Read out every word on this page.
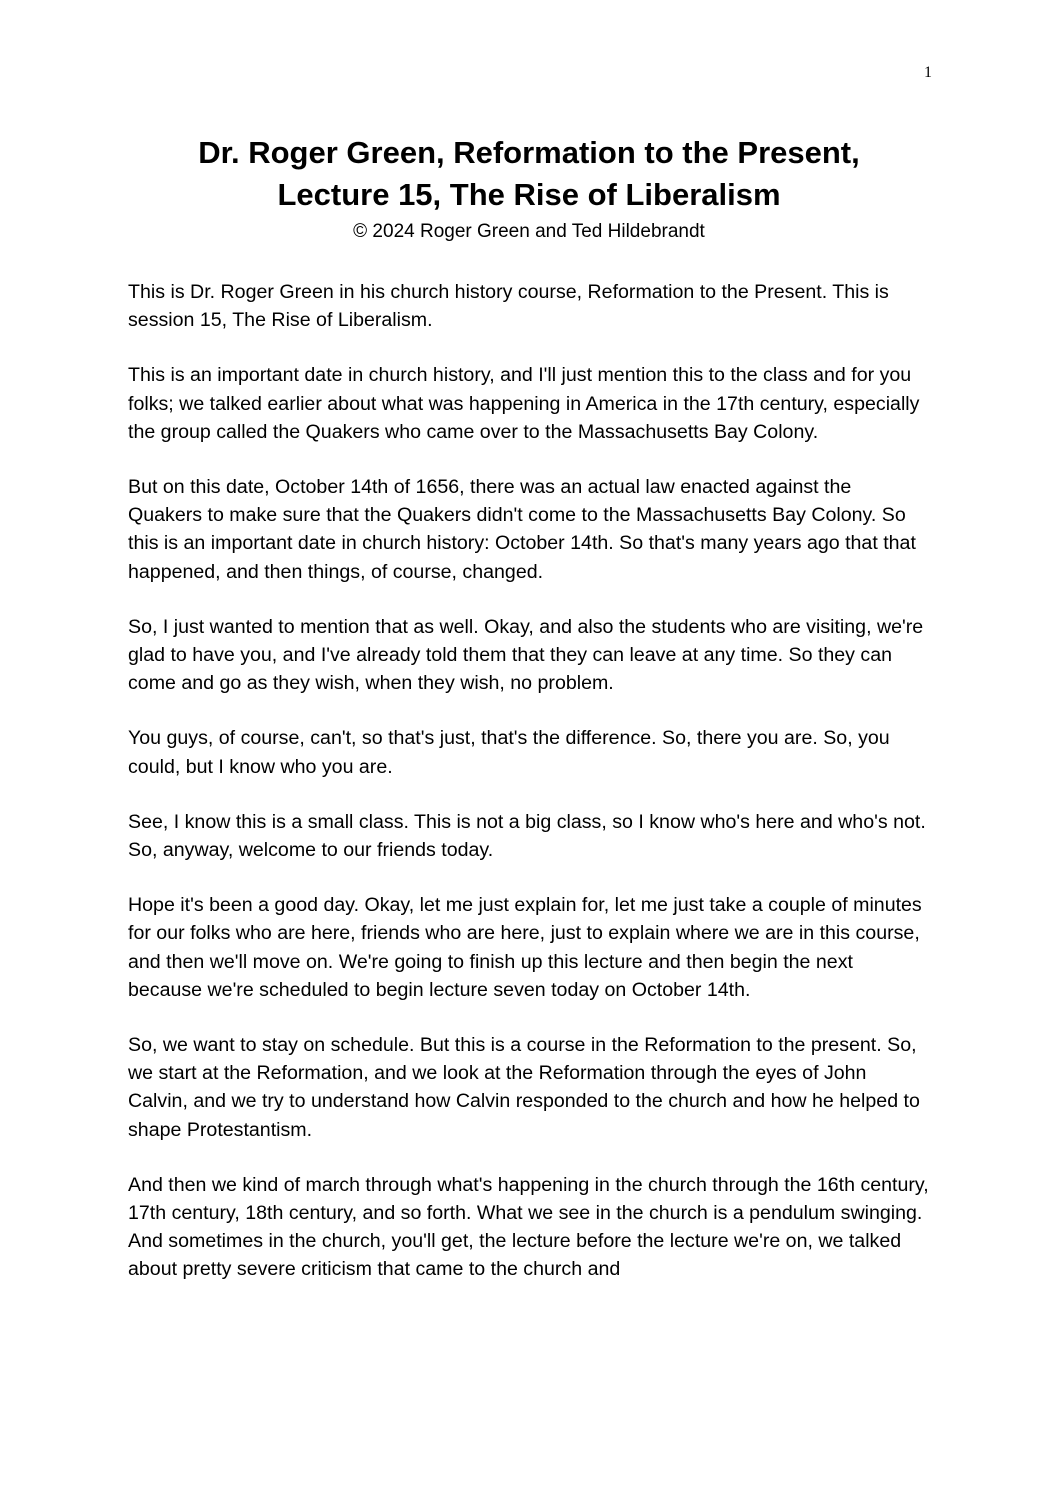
1
Dr. Roger Green, Reformation to the Present,
Lecture 15, The Rise of Liberalism
© 2024 Roger Green and Ted Hildebrandt

This is Dr. Roger Green in his church history course, Reformation to the Present. This is session 15, The Rise of Liberalism.

This is an important date in church history, and I'll just mention this to the class and for you folks; we talked earlier about what was happening in America in the 17th century, especially the group called the Quakers who came over to the Massachusetts Bay Colony.

But on this date, October 14th of 1656, there was an actual law enacted against the Quakers to make sure that the Quakers didn't come to the Massachusetts Bay Colony. So this is an important date in church history: October 14th. So that's many years ago that that happened, and then things, of course, changed.

So, I just wanted to mention that as well. Okay, and also the students who are visiting, we're glad to have you, and I've already told them that they can leave at any time. So they can come and go as they wish, when they wish, no problem.

You guys, of course, can't, so that's just, that's the difference. So, there you are. So, you could, but I know who you are.

See, I know this is a small class. This is not a big class, so I know who's here and who's not. So, anyway, welcome to our friends today.

Hope it's been a good day. Okay, let me just explain for, let me just take a couple of minutes for our folks who are here, friends who are here, just to explain where we are in this course, and then we'll move on. We're going to finish up this lecture and then begin the next because we're scheduled to begin lecture seven today on October 14th.

So, we want to stay on schedule. But this is a course in the Reformation to the present. So, we start at the Reformation, and we look at the Reformation through the eyes of John Calvin, and we try to understand how Calvin responded to the church and how he helped to shape Protestantism.

And then we kind of march through what's happening in the church through the 16th century, 17th century, 18th century, and so forth. What we see in the church is a pendulum swinging. And sometimes in the church, you'll get, the lecture before the lecture we're on, we talked about pretty severe criticism that came to the church and
